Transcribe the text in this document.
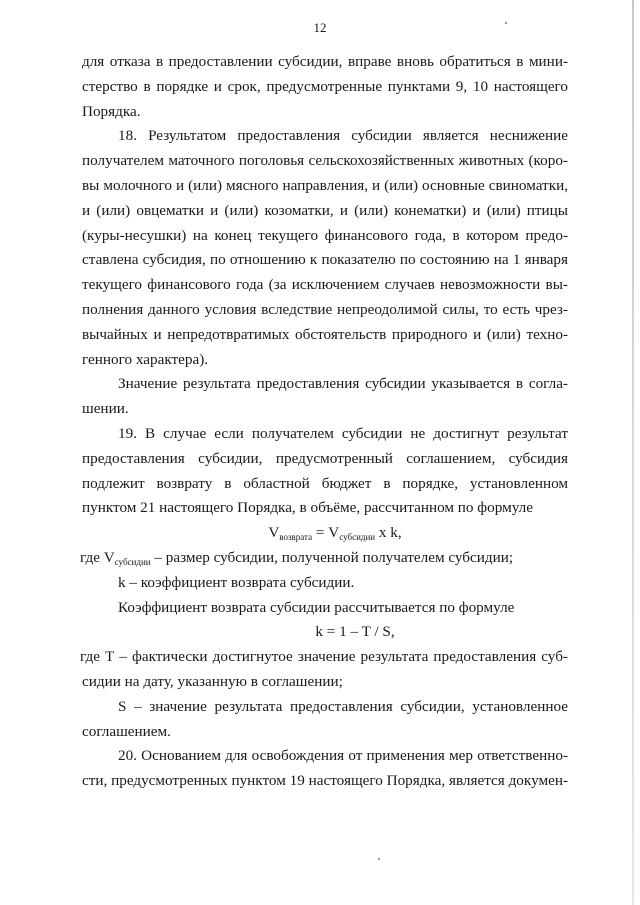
12

для отказа в предоставлении субсидии, вправе вновь обратиться в мини-

стерство в порядке и срок, предусмотренные пунктами 9, 10 настоящего

Порядка.

18. Результатом предоставления субсидии является неснижение

получателем маточного поголовья сельскохозяйственных животных (коро-

вы молочного и (или) мясного направления, и (или) основные свиноматки,

и (или) овцематки и (или) козоматки, и (или) конематки) и (или) птицы

(куры-несушки) на конец текущего финансового года, в котором предо-

ставлена субсидия, по отношению к показателю по состоянию на 1 января

текущего финансового года (за исключением случаев невозможности вы-

полнения данного условия вследствие непреодолимой силы, то есть чрез-

вычайных и непредотвратимых обстоятельств природного и (или) техно-

генного характера).

Значение результата предоставления субсидии указывается в согла-

шении.

19. В случае если получателем субсидии не достигнут результат

предоставления субсидии, предусмотренный соглашением, субсидия

подлежит возврату в областной бюджет в порядке, установленном

пунктом 21 настоящего Порядка, в объёме, рассчитанном по формуле

$V_{возврата} = V_{субсидии}$ x k,

где $V_{субсидии}$ – размер субсидии, полученной получателем субсидии;

k – коэффициент возврата субсидии.

Коэффициент возврата субсидии рассчитывается по формуле

k = 1 – T / S,

где Т – фактически достигнутое значение результата предоставления суб-

сидии на дату, указанную в соглашении;

S – значение результата предоставления субсидии, установленное

соглашением.

20. Основанием для освобождения от применения мер ответственно-

сти, предусмотренных пунктом 19 настоящего Порядка, является докумен-
